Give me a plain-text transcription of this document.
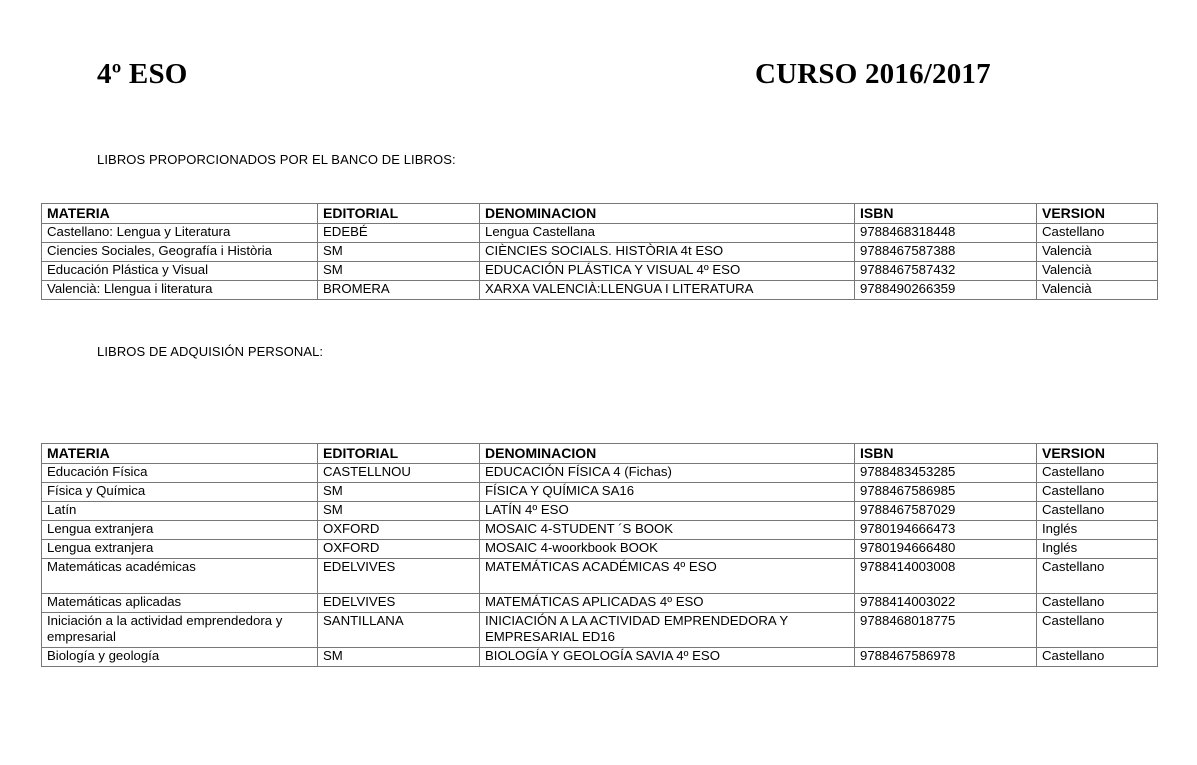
4º ESO	CURSO 2016/2017
LIBROS PROPORCIONADOS POR EL BANCO DE LIBROS:
MATERIA	EDITORIAL	DENOMINACION	ISBN	VERSION
Castellano: Lengua y Literatura	EDEBÉ	Lengua Castellana	9788468318448	Castellano
Ciencies Sociales, Geografía i Història	SM	CIÈNCIES SOCIALS. HISTÒRIA 4t ESO	9788467587388	Valencià
Educación Plástica y Visual	SM	EDUCACIÓN PLÁSTICA Y VISUAL 4º ESO	9788467587432	Valencià
Valencià: Llengua i literatura	BROMERA	XARXA VALENCIÀ:LLENGUA I LITERATURA	9788490266359	Valencià
LIBROS DE ADQUISIÓN PERSONAL:
MATERIA	EDITORIAL	DENOMINACION	ISBN	VERSION
Educación Física	CASTELLNOU	EDUCACIÓN FÍSICA 4 (Fichas)	9788483453285	Castellano
Física y Química	SM	FÍSICA Y QUÍMICA SA16	9788467586985	Castellano
Latín	SM	LATÍN 4º ESO	9788467587029	Castellano
Lengua extranjera	OXFORD	MOSAIC 4-STUDENT ´S BOOK	9780194666473	Inglés
Lengua extranjera	OXFORD	MOSAIC 4-woorkbook BOOK	9780194666480	Inglés
Matemáticas académicas	EDELVIVES	MATEMÁTICAS ACADÉMICAS 4º ESO	9788414003008	Castellano
Matemáticas aplicadas	EDELVIVES	MATEMÁTICAS APLICADAS 4º ESO	9788414003022	Castellano
Iniciación a la actividad emprendedora y empresarial	SANTILLANA	INICIACIÓN A LA ACTIVIDAD EMPRENDEDORA Y EMPRESARIAL ED16	9788468018775	Castellano
Biología y geología	SM	BIOLOGÍA Y GEOLOGÍA SAVIA 4º ESO	9788467586978	Castellano
